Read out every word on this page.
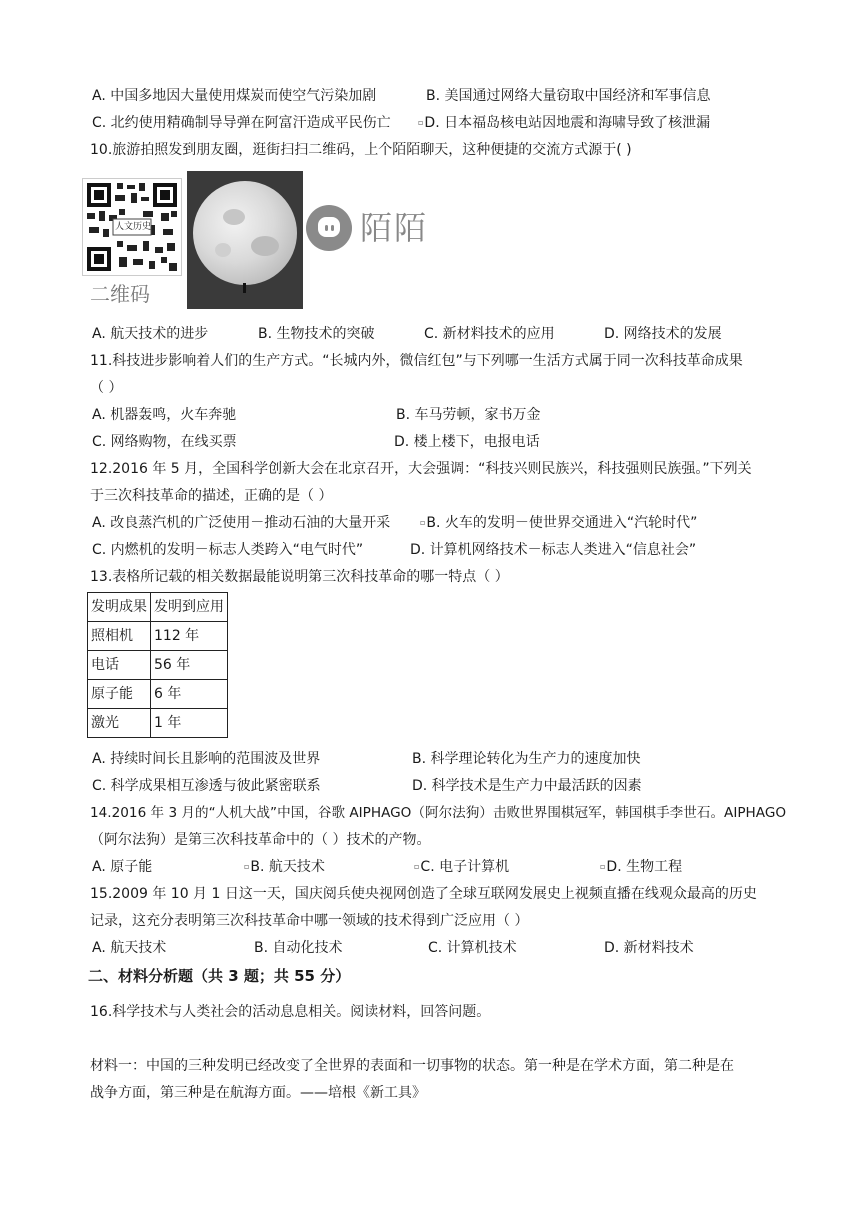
A. 中国多地因大量使用煤炭而使空气污染加剧	B. 美国通过网络大量窃取中国经济和军事信息
C. 北约使用精确制导导弹在阿富汗造成平民伤亡	▫D. 日本福岛核电站因地震和海啸导致了核泄漏
10.旅游拍照发到朋友圈，逛街扫扫二维码，上个陌陌聊天，这种便捷的交流方式源于( )
人文历史
二维码
陌陌
A. 航天技术的进步	B. 生物技术的突破	C. 新材料技术的应用	D. 网络技术的发展
11.科技进步影响着人们的生产方式。“长城内外，微信红包”与下列哪一生活方式属于同一次科技革命成果
（ ）
A. 机器轰鸣，火车奔驰	B. 车马劳顿，家书万金
C. 网络购物，在线买票	D. 楼上楼下，电报电话
12.2016 年 5 月，全国科学创新大会在北京召开，大会强调：“科技兴则民族兴，科技强则民族强。”下列关
于三次科技革命的描述，正确的是（ ）
A. 改良蒸汽机的广泛使用－推动石油的大量开采	▫B. 火车的发明－使世界交通进入“汽轮时代”
C. 内燃机的发明－标志人类跨入“电气时代”	D. 计算机网络技术－标志人类进入“信息社会”
13.表格所记载的相关数据最能说明第三次科技革命的哪一特点（ ）
发明成果	发明到应用
照相机	112 年
电话	56 年
原子能	6 年
激光	1 年
A. 持续时间长且影响的范围波及世界	B. 科学理论转化为生产力的速度加快
C. 科学成果相互渗透与彼此紧密联系	D. 科学技术是生产力中最活跃的因素
14.2016 年 3 月的“人机大战”中国，谷歌 AIPHAGO（阿尔法狗）击败世界围棋冠军，韩国棋手李世石。AIPHAGO
（阿尔法狗）是第三次科技革命中的（ ）技术的产物。
A. 原子能	▫B. 航天技术	▫C. 电子计算机	▫D. 生物工程
15.2009 年 10 月 1 日这一天，国庆阅兵使央视网创造了全球互联网发展史上视频直播在线观众最高的历史
记录，这充分表明第三次科技革命中哪一领域的技术得到广泛应用（ ）
A. 航天技术	B. 自动化技术	C. 计算机技术	D. 新材料技术
二、材料分析题（共 3 题；共 55 分）
16.科学技术与人类社会的活动息息相关。阅读材料，回答问题。
材料一：中国的三种发明已经改变了全世界的表面和一切事物的状态。第一种是在学术方面，第二种是在
战争方面，第三种是在航海方面。——培根《新工具》
